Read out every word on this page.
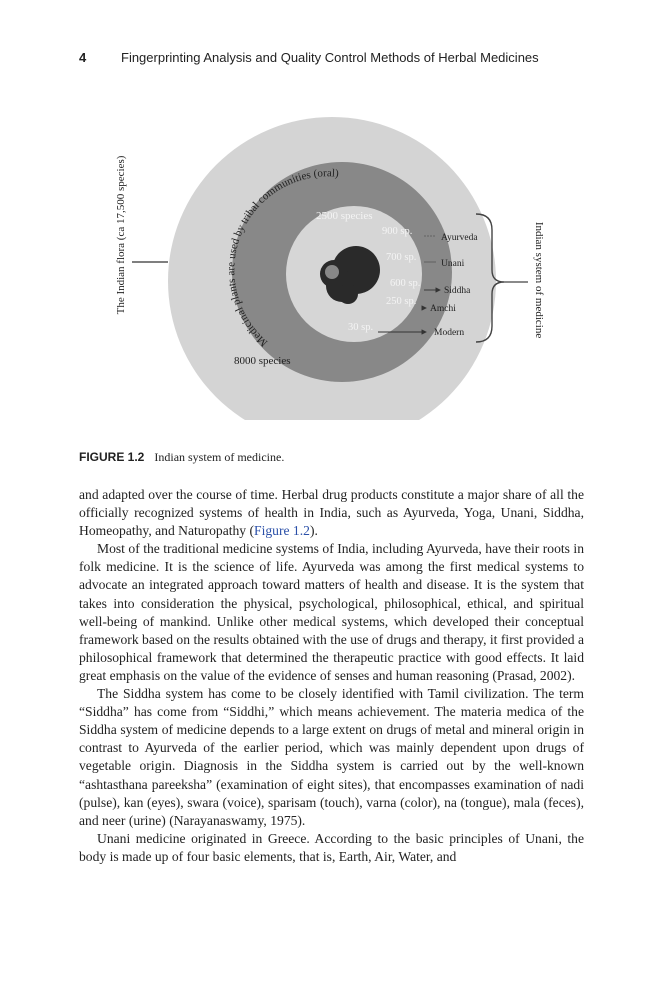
4	Fingerprinting Analysis and Quality Control Methods of Herbal Medicines
The Indian flora (ca 17,500 species)
Medicinal plants are used by tribal communities (oral)
8000 species
2500 species
900 sp.
700 sp.
600 sp.
250 sp.
30 sp.
Ayurveda
Unani
Siddha
Amchi
Modern	Indian system of medicine
FIGURE 1.2 Indian system of medicine.

and adapted over the course of time. Herbal drug products constitute a major share of all the officially recognized systems of health in India, such as Ayurveda, Yoga, Unani, Siddha, Homeopathy, and Naturopathy (Figure 1.2).

Most of the traditional medicine systems of India, including Ayurveda, have their roots in folk medicine. It is the science of life. Ayurveda was among the first medical systems to advocate an integrated approach toward matters of health and disease. It is the system that takes into consideration the physical, psychological, philosophical, ethical, and spiritual well-being of mankind. Unlike other medical systems, which developed their conceptual framework based on the results obtained with the use of drugs and therapy, it first provided a philosophical framework that determined the therapeutic practice with good effects. It laid great emphasis on the value of the evidence of senses and human reasoning (Prasad, 2002).

The Siddha system has come to be closely identified with Tamil civilization. The term “Siddha” has come from “Siddhi,” which means achievement. The materia medica of the Siddha system of medicine depends to a large extent on drugs of metal and mineral origin in contrast to Ayurveda of the earlier period, which was mainly dependent upon drugs of vegetable origin. Diagnosis in the Siddha system is carried out by the well-known “ashtasthana pareeksha” (examination of eight sites), that encompasses examination of nadi (pulse), kan (eyes), swara (voice), sparisam (touch), varna (color), na (tongue), mala (feces), and neer (urine) (Narayanaswamy, 1975).

Unani medicine originated in Greece. According to the basic principles of Unani, the body is made up of four basic elements, that is, Earth, Air, Water, and
